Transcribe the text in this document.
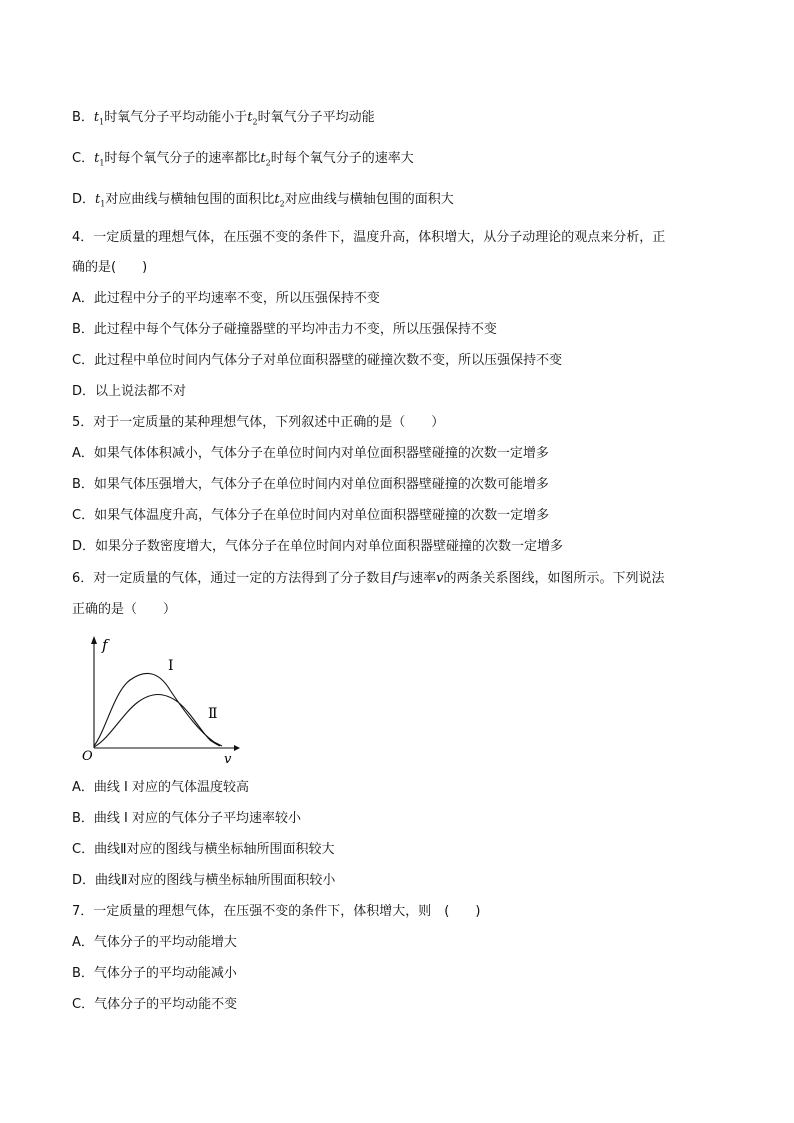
B．$t_1$时氧气分子平均动能小于$t_2$时氧气分子平均动能
C．$t_1$时每个氧气分子的速率都比$t_2$时每个氧气分子的速率大
D．$t_1$对应曲线与横轴包围的面积比$t_2$对应曲线与横轴包围的面积大
4．一定质量的理想气体，在压强不变的条件下，温度升高，体积增大，从分子动理论的观点来分析，正
确的是(　　)
A．此过程中分子的平均速率不变，所以压强保持不变
B．此过程中每个气体分子碰撞器壁的平均冲击力不变，所以压强保持不变
C．此过程中单位时间内气体分子对单位面积器壁的碰撞次数不变，所以压强保持不变
D．以上说法都不对
5．对于一定质量的某种理想气体，下列叙述中正确的是（　　）
A．如果气体体积减小，气体分子在单位时间内对单位面积器壁碰撞的次数一定增多
B．如果气体压强增大，气体分子在单位时间内对单位面积器壁碰撞的次数可能增多
C．如果气体温度升高，气体分子在单位时间内对单位面积器壁碰撞的次数一定增多
D．如果分子数密度增大，气体分子在单位时间内对单位面积器壁碰撞的次数一定增多
6．对一定质量的气体，通过一定的方法得到了分子数目f与速率v的两条关系图线，如图所示。下列说法
正确的是（　　）
f
v
O
I
Ⅱ
A．曲线 I 对应的气体温度较高
B．曲线 I 对应的气体分子平均速率较小
C．曲线Ⅱ对应的图线与横坐标轴所围面积较大
D．曲线Ⅱ对应的图线与横坐标轴所围面积较小
7．一定质量的理想气体，在压强不变的条件下，体积增大，则　(　　)
A．气体分子的平均动能增大
B．气体分子的平均动能减小
C．气体分子的平均动能不变
